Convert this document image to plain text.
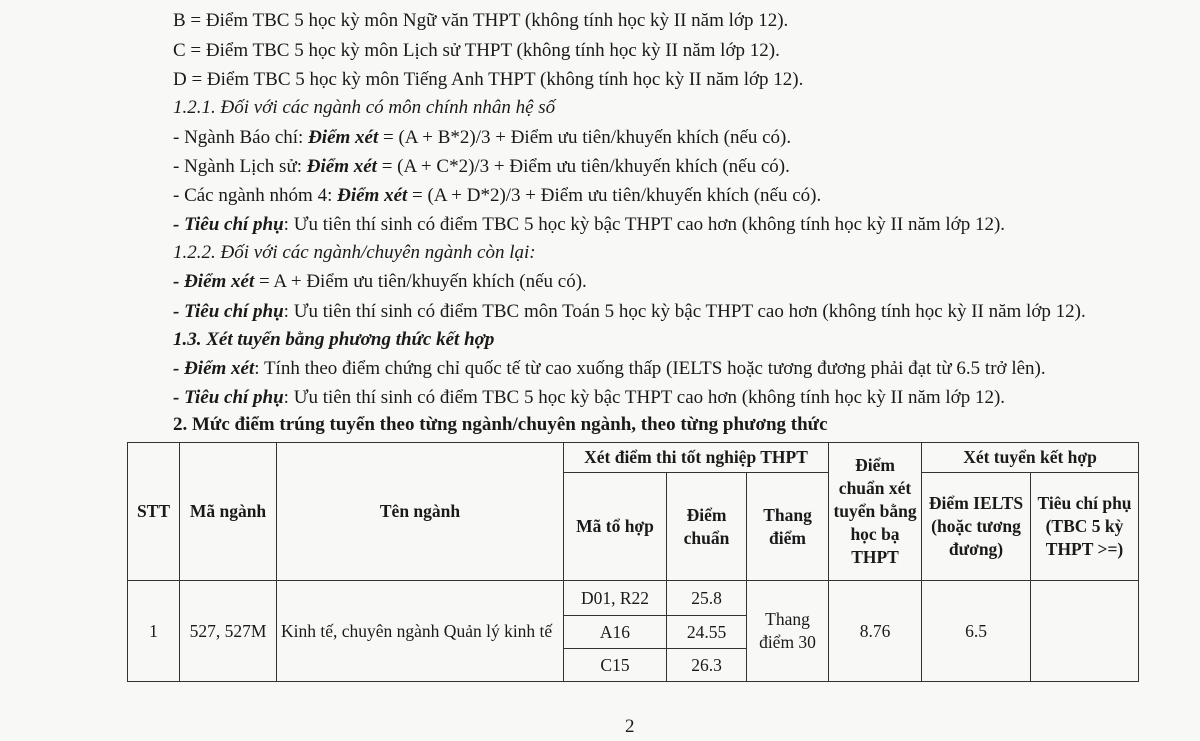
B = Điểm TBC 5 học kỳ môn Ngữ văn THPT (không tính học kỳ II năm lớp 12).
C = Điểm TBC 5 học kỳ môn Lịch sử THPT (không tính học kỳ II năm lớp 12).
D = Điểm TBC 5 học kỳ môn Tiếng Anh THPT (không tính học kỳ II năm lớp 12).
1.2.1. Đối với các ngành có môn chính nhân hệ số
- Ngành Báo chí: Điểm xét = (A + B*2)/3 + Điểm ưu tiên/khuyến khích (nếu có).
- Ngành Lịch sử: Điểm xét = (A + C*2)/3 + Điểm ưu tiên/khuyến khích (nếu có).
- Các ngành nhóm 4: Điểm xét = (A + D*2)/3 + Điểm ưu tiên/khuyến khích (nếu có).
- Tiêu chí phụ: Ưu tiên thí sinh có điểm TBC 5 học kỳ bậc THPT cao hơn (không tính học kỳ II năm lớp 12).
1.2.2. Đối với các ngành/chuyên ngành còn lại:
- Điểm xét = A + Điểm ưu tiên/khuyến khích (nếu có).
- Tiêu chí phụ: Ưu tiên thí sinh có điểm TBC môn Toán 5 học kỳ bậc THPT cao hơn (không tính học kỳ II năm lớp 12).
1.3. Xét tuyển bằng phương thức kết hợp
- Điểm xét: Tính theo điểm chứng chỉ quốc tế từ cao xuống thấp (IELTS hoặc tương đương phải đạt từ 6.5 trở lên).
- Tiêu chí phụ: Ưu tiên thí sinh có điểm TBC 5 học kỳ bậc THPT cao hơn (không tính học kỳ II năm lớp 12).
2. Mức điểm trúng tuyển theo từng ngành/chuyên ngành, theo từng phương thức
STT	Mã ngành	Tên ngành	Xét điểm thi tốt nghiệp THPT			Điểm chuẩn xét tuyển bằng học bạ THPT	Xét tuyển kết hợp	
			Mã tổ hợp	Điểm chuẩn	Thang điểm		Điểm IELTS (hoặc tương đương)	Tiêu chí phụ (TBC 5 kỳ THPT >=)
1	527, 527M	Kinh tế, chuyên ngành Quản lý kinh tế	D01, R22	25.8	Thang điểm 30	8.76	6.5	
			A16	24.55				
			C15	26.3				
2
